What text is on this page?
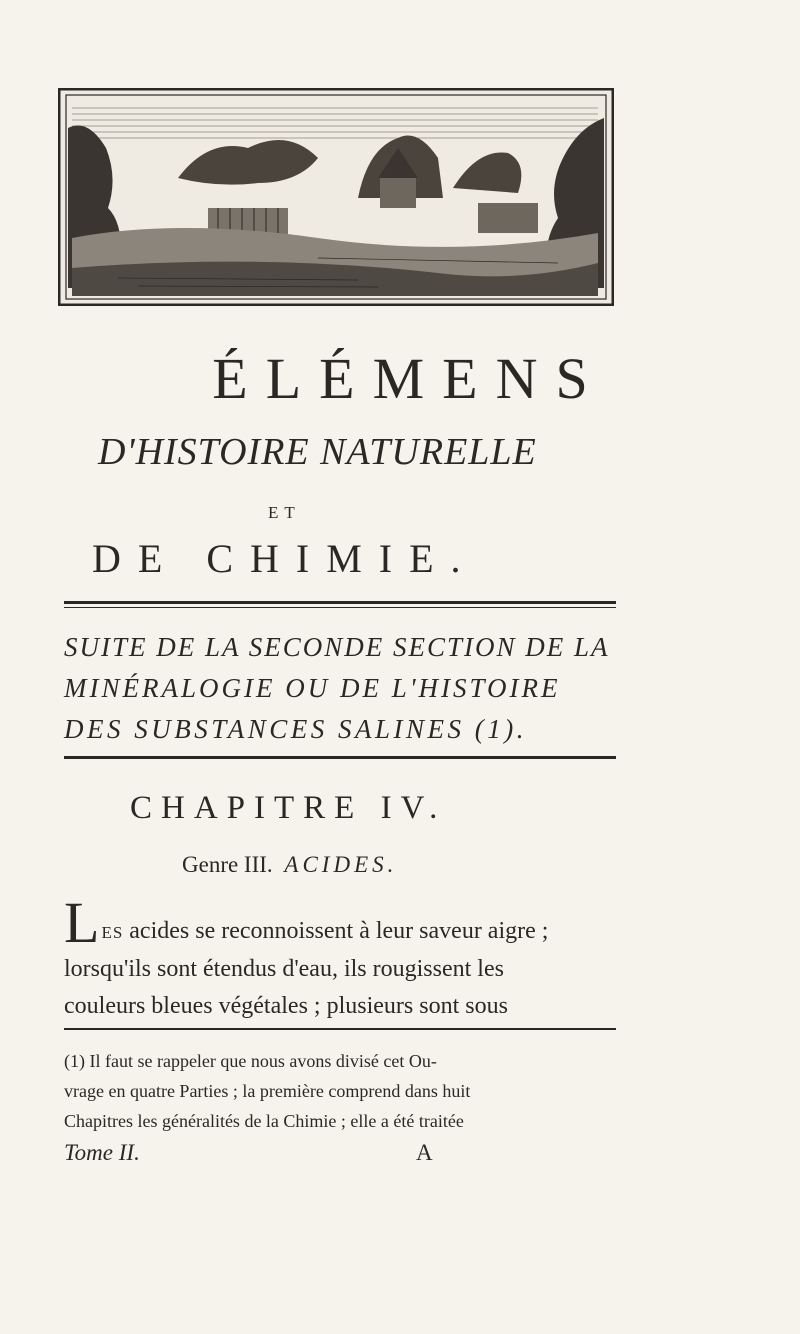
ÉLÉMENS
D'HISTOIRE NATURELLE
ET
DE CHIMIE.
SUITE DE LA SECONDE SECTION DE LA
MINÉRALOGIE OU DE L'HISTOIRE
DES SUBSTANCES SALINES (1).
CHAPITRE IV.
Genre III. ACIDES.
LES acides se reconnoissent à leur saveur aigre ;
lorsqu'ils sont étendus d'eau, ils rougissent les
couleurs bleues végétales ; plusieurs sont sous
(1) Il faut se rappeler que nous avons divisé cet Ou-
vrage en quatre Parties ; la première comprend dans huit
Chapitres les généralités de la Chimie ; elle a été traitée
Tome II.	A
